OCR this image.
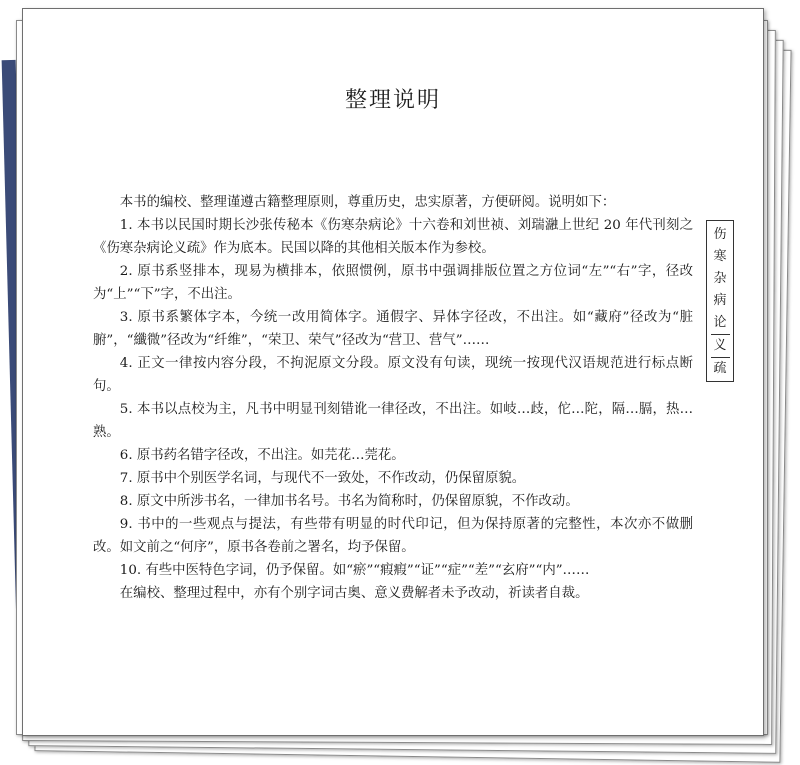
整理说明

本书的编校、整理谨遵古籍整理原则，尊重历史，忠实原著，方便研阅。说明如下：

1. 本书以民国时期长沙张传秘本《伤寒杂病论》十六卷和刘世祯、刘瑞瀜上世纪 20 年代刊刻之《伤寒杂病论义疏》作为底本。民国以降的其他相关版本作为参校。

2. 原书系竖排本，现易为横排本，依照惯例，原书中强调排版位置之方位词“左”“右”字，径改为“上”“下”字，不出注。

3. 原书系繁体字本，今统一改用简体字。通假字、异体字径改，不出注。如“藏府”径改为“脏腑”，“纖微”径改为“纤维”，“荣卫、荣气”径改为“营卫、营气”……

4. 正文一律按内容分段，不拘泥原文分段。原文没有句读，现统一按现代汉语规范进行标点断句。

5. 本书以点校为主，凡书中明显刊刻错讹一律径改，不出注。如岐…歧，佗…陀，隔…膈，热…熟。

6. 原书药名错字径改，不出注。如芫花…莞花。

7. 原书中个别医学名词，与现代不一致处，不作改动，仍保留原貌。

8. 原文中所涉书名，一律加书名号。书名为简称时，仍保留原貌，不作改动。

9. 书中的一些观点与提法，有些带有明显的时代印记，但为保持原著的完整性，本次亦不做删改。如文前之“何序”，原书各卷前之署名，均予保留。

10. 有些中医特色字词，仍予保留。如“瘀”“瘕瘕”“证”“症”“差”“玄府”“内”……

在编校、整理过程中，亦有个别字词古奥、意义费解者未予改动，祈读者自裁。

伤
寒
杂
病
论
义
疏
